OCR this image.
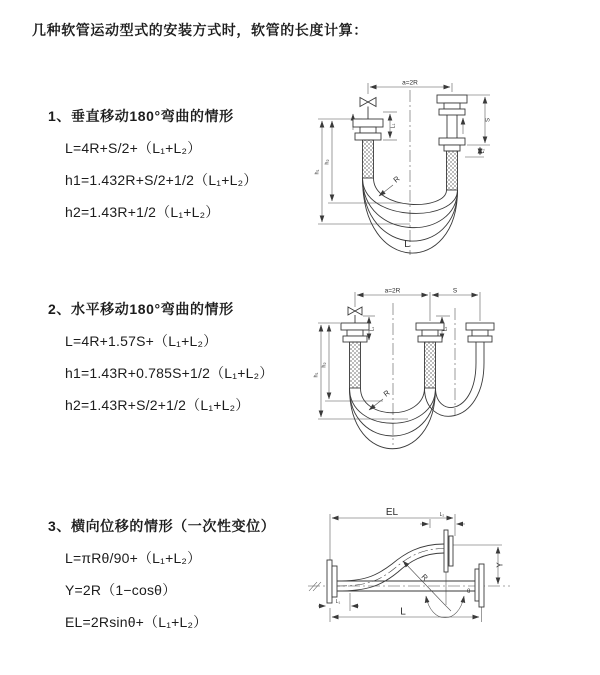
几种软管运动型式的安装方式时，软管的长度计算：

1、垂直移动180°弯曲的情形

L=4R+S/2+（L₁+L₂）

h1=1.432R+S/2+1/2（L₁+L₂）

h2=1.43R+1/2（L₁+L₂）

2、水平移动180°弯曲的情形

L=4R+1.57S+（L₁+L₂）

h1=1.43R+0.785S+1/2（L₁+L₂）

h2=1.43R+S/2+1/2（L₁+L₂）

3、横向位移的情形（一次性变位）

L=πRθ/90+（L₁+L₂）

Y=2R（1−cosθ）

EL=2Rsinθ+（L₁+L₂）

a=2R
L₁
S
L₂
h₁
h₂
R
L
a=2R	S
L₁	L₂
h₁
h₂
R
EL	L₂
Y
R
θ
L
L₁
